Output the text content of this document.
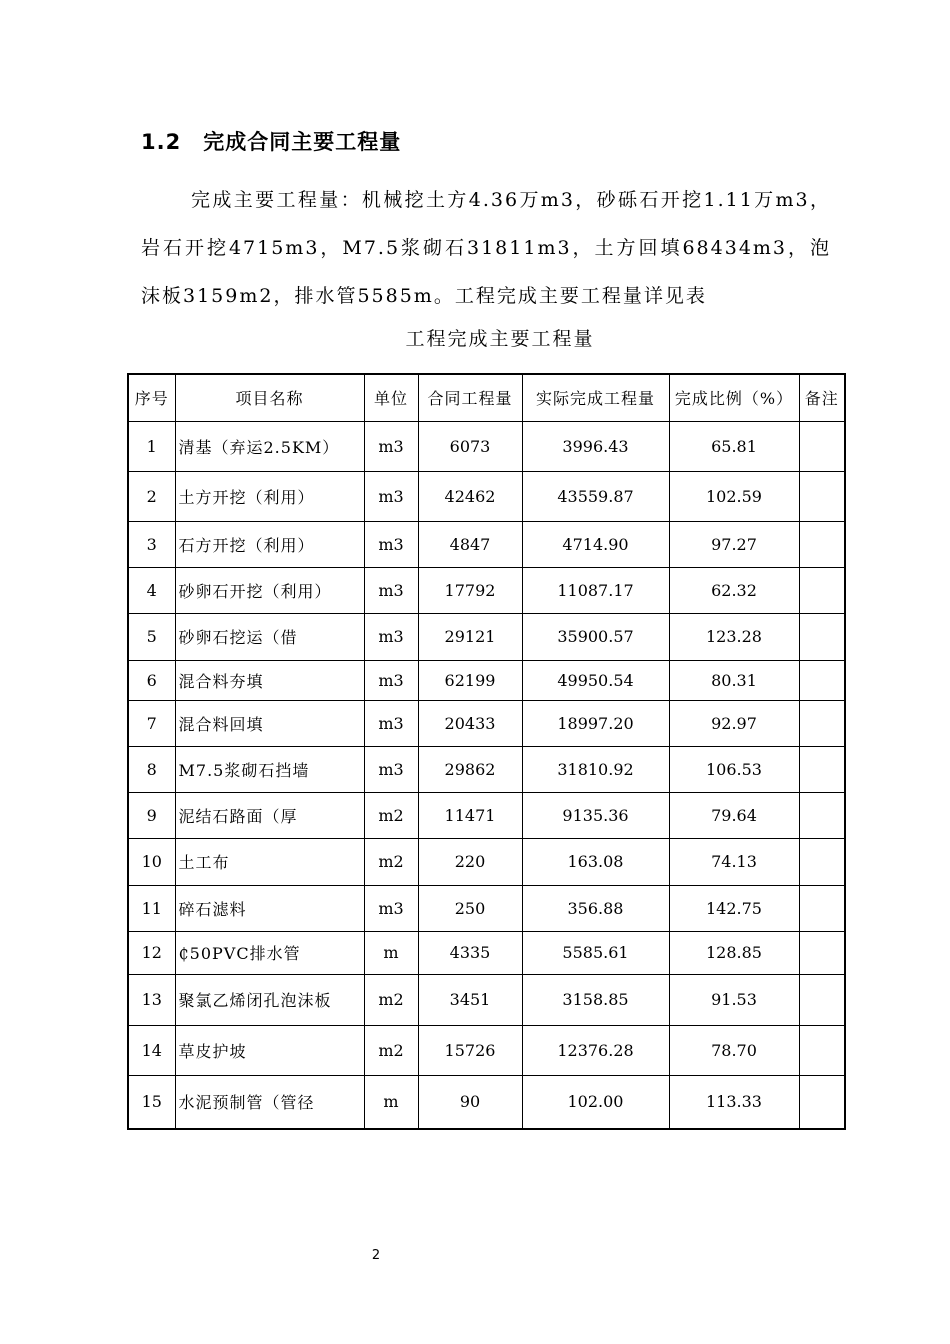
1.2 完成合同主要工程量
完成主要工程量：机械挖土方4.36万m3，砂砾石开挖1.11万m3，岩石开挖4715m3，M7.5浆砌石31811m3，土方回填68434m3，泡沫板3159m2，排水管5585m。工程完成主要工程量详见表
工程完成主要工程量
序号	项目名称	单位	合同工程量	实际完成工程量	完成比例（%）	备注
1	清基（弃运2.5KM）	m3	6073	3996.43	65.81	
2	土方开挖（利用）	m3	42462	43559.87	102.59	
3	石方开挖（利用）	m3	4847	4714.90	97.27	
4	砂卵石开挖（利用）	m3	17792	11087.17	62.32	
5	砂卵石挖运（借	m3	29121	35900.57	123.28	
6	混合料夯填	m3	62199	49950.54	80.31	
7	混合料回填	m3	20433	18997.20	92.97	
8	M7.5浆砌石挡墙	m3	29862	31810.92	106.53	
9	泥结石路面（厚	m2	11471	9135.36	79.64	
10	土工布	m2	220	163.08	74.13	
11	碎石滤料	m3	250	356.88	142.75	
12	₵50PVC排水管	m	4335	5585.61	128.85	
13	聚氯乙烯闭孔泡沫板	m2	3451	3158.85	91.53	
14	草皮护坡	m2	15726	12376.28	78.70	
15	水泥预制管（管径	m	90	102.00	113.33	
2
